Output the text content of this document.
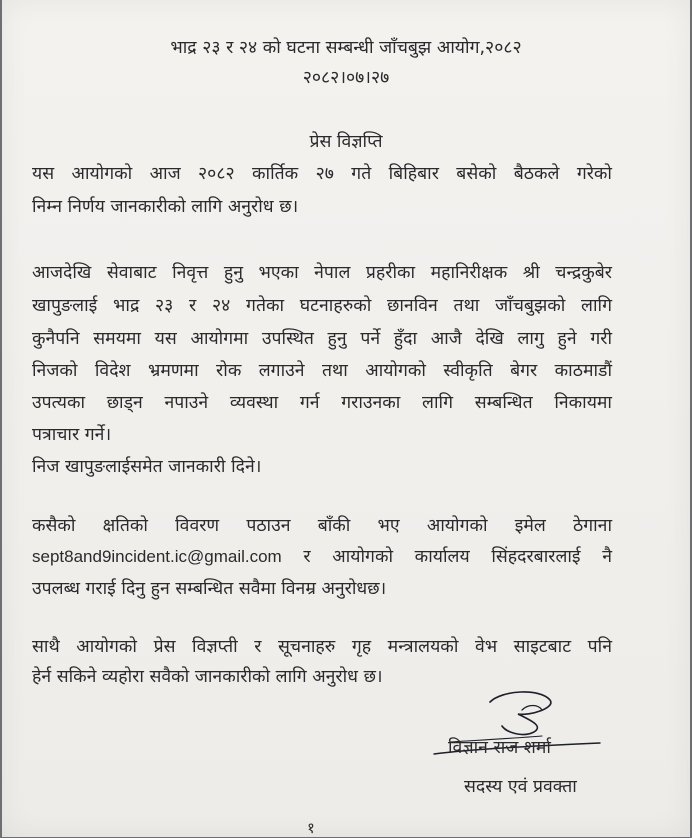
भाद्र २३ र २४ को घटना सम्बन्धी जाँचबुझ आयोग,२०८२
२०८२।०७।२७
प्रेस विज्ञप्ति
यस आयोगको आज २०८२ कार्तिक २७ गते बिहिबार बसेको बैठकले गरेको
निम्न निर्णय जानकारीको लागि अनुरोध छ।
आजदेखि सेवाबाट निवृत्त हुनु भएका नेपाल प्रहरीका महानिरीक्षक श्री चन्द्रकुबेर
खापुङलाई भाद्र २३ र २४ गतेका घटनाहरुको छानविन तथा जाँचबुझको लागि
कुनैपनि समयमा यस आयोगमा उपस्थित हुनु पर्ने हुँदा आजै देखि लागु हुने गरी
निजको विदेश भ्रमणमा रोक लगाउने तथा आयोगको स्वीकृति बेगर काठमाडौं
उपत्यका छाड्न नपाउने व्यवस्था गर्न गराउनका लागि सम्बन्धित निकायमा
पत्राचार गर्ने।
निज खापुङलाईसमेत जानकारी दिने।
कसैको क्षतिको विवरण पठाउन बाँकी भए आयोगको इमेल ठेगाना
sept8and9incident.ic@gmail.com र आयोगको कार्यालय सिंहदरबारलाई नै
उपलब्ध गराई दिनु हुन सम्बन्धित सवैमा विनम्र अनुरोधछ।
साथै आयोगको प्रेस विज्ञप्ती र सूचनाहरु गृह मन्त्रालयको वेभ साइटबाट पनि
हेर्न सकिने व्यहोरा सवैको जानकारीको लागि अनुरोध छ।
विज्ञान राज शर्मा
सदस्य एवं प्रवक्ता
१
